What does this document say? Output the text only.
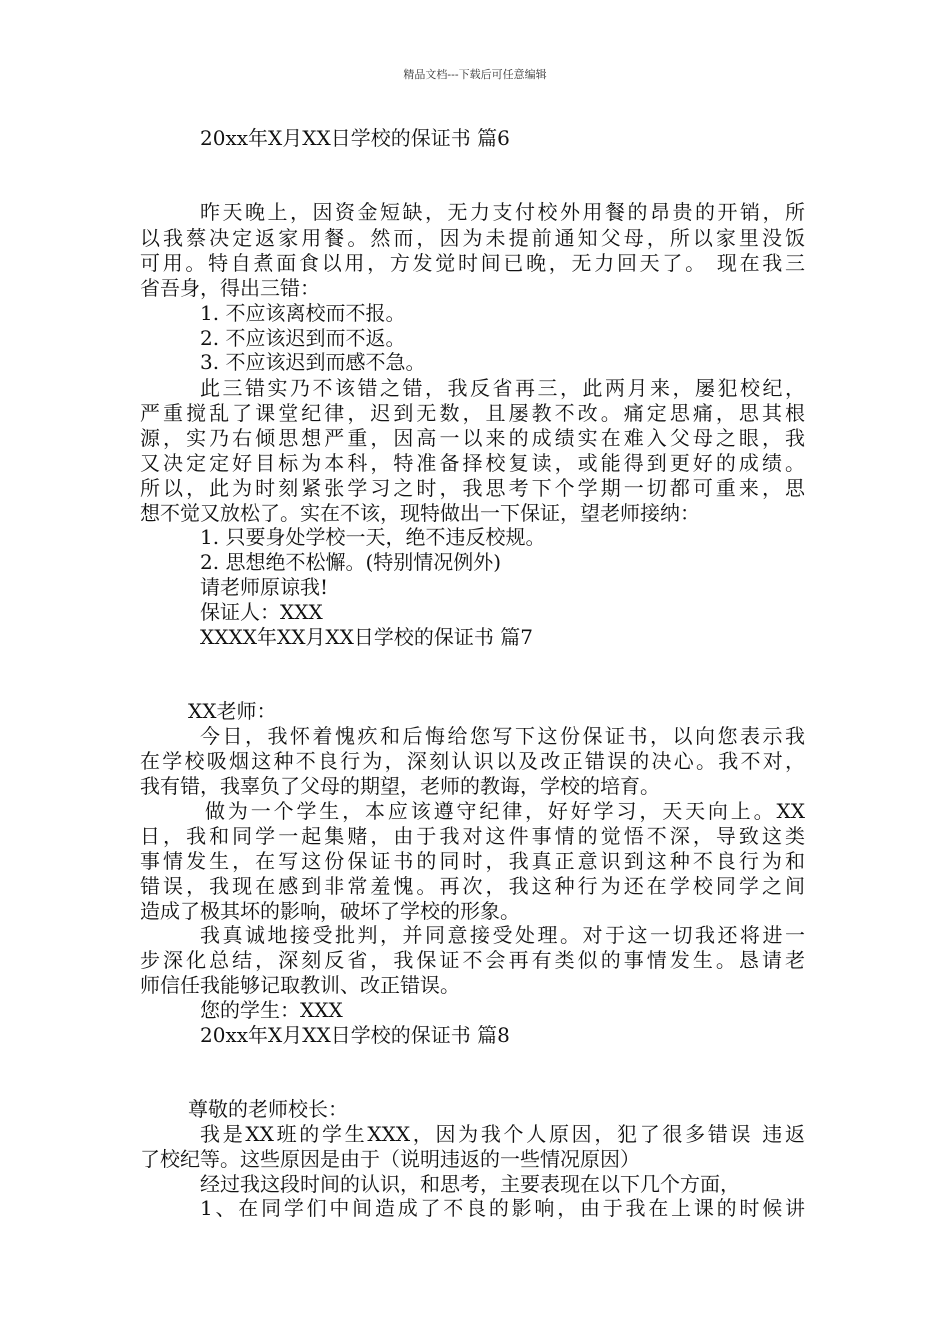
精品文档---下载后可任意编辑
20xx年X月XX日学校的保证书 篇6
昨天晚上，因资金短缺，无力支付校外用餐的昂贵的开销，所
以我蔡决定返家用餐。然而，因为未提前通知父母，所以家里没饭
可用。特自煮面食以用，方发觉时间已晚，无力回天了。 现在我三
省吾身，得出三错：
1. 不应该离校而不报。
2. 不应该迟到而不返。
3. 不应该迟到而感不急。
此三错实乃不该错之错，我反省再三，此两月来，屡犯校纪，
严重搅乱了课堂纪律，迟到无数，且屡教不改。痛定思痛，思其根
源，实乃右倾思想严重，因高一以来的成绩实在难入父母之眼，我
又决定定好目标为本科，特准备择校复读，或能得到更好的成绩。
所以，此为时刻紧张学习之时，我思考下个学期一切都可重来，思
想不觉又放松了。实在不该，现特做出一下保证，望老师接纳：
1. 只要身处学校一天，绝不违反校规。
2. 思想绝不松懈。(特别情况例外)
请老师原谅我!
保证人：XXX
XXXX年XX月XX日学校的保证书 篇7
XX老师：
今日，我怀着愧疚和后悔给您写下这份保证书，以向您表示我
在学校吸烟这种不良行为，深刻认识以及改正错误的决心。我不对，
我有错，我辜负了父母的期望，老师的教诲，学校的培育。
做为一个学生，本应该遵守纪律，好好学习，天天向上。XX
日，我和同学一起集赌，由于我对这件事情的觉悟不深，导致这类
事情发生，在写这份保证书的同时，我真正意识到这种不良行为和
错误，我现在感到非常羞愧。再次，我这种行为还在学校同学之间
造成了极其坏的影响，破坏了学校的形象。
我真诚地接受批判，并同意接受处理。对于这一切我还将进一
步深化总结，深刻反省，我保证不会再有类似的事情发生。恳请老
师信任我能够记取教训、改正错误。
您的学生：XXX
20xx年X月XX日学校的保证书 篇8
尊敬的老师校长：
我是XX班的学生XXX，因为我个人原因，犯了很多错误 违返
了校纪等。这些原因是由于（说明违返的一些情况原因）
经过我这段时间的认识，和思考，主要表现在以下几个方面，
1、在同学们中间造成了不良的影响，由于我在上课的时候讲
